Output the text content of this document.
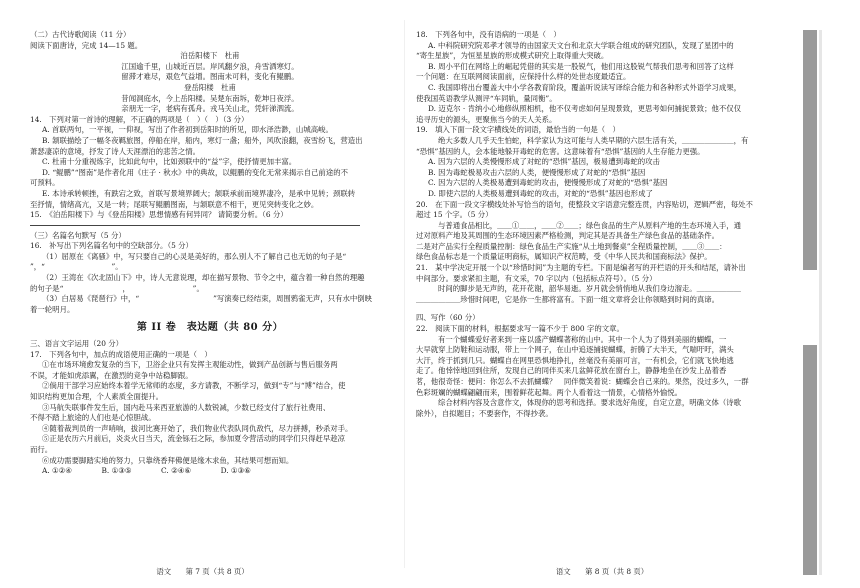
（二）古代诗歌阅读（11 分）

阅读下面唐诗，完成 14—15 题。

泊岳阳楼下　杜甫

江国逾千里，山城近百层。岸风翻夕浪，舟雪洒寒灯。

留滞才难尽，艰危气益增。图南未可料，变化有鲲鹏。

登岳阳楼　杜甫

昔闻洞庭水，今上岳阳楼。吴楚东南坼，乾坤日夜浮。

亲朋无一字，老病有孤舟。戎马关山北，凭轩涕泗流。

14.　下列对第一首诗的理解，不正确的两项是（　）（　）（3 分）

A. 首联两句，一平视，一仰视，写出了作者初到岳阳时的所见，即水泽浩渺，山城高峻。

B. 颔联描绘了一幅冬夜羁旅图，停船在岸，船内，寒灯一盏；船外，风吹浪翻，夜雪纷飞，营造出

萧瑟凄凉的意境，抒发了诗人天涯漂泊的悲苦之情。

C. 杜甫十分重视炼字，比如此句中，比如颈联中的“益”字，使抒情更加丰富。

D. “鲲鹏”“图南”是作者化用《庄子 · 秋水》中的典故，以鲲鹏的变化无常来揭示自己前途的不

可预料。

E. 本诗承转顿挫，有跌宕之致，首联写景境界阔大；颔联承前而境界凄冷，是承中见转；颈联转

至抒情，情绪高亢，又是一转；尾联写鲲鹏图南，与颔联意不相干，更见突转变化之妙。

15.　《泊岳阳楼下》与《登岳阳楼》思想情感有何异同？ 请简要分析。（6 分）

（三）名篇名句默写（5 分）

16.　补写出下列名篇名句中的空缺部分。（5 分）

（1）屈原在《离骚》中，写只要自己的心灵是美好的，那么别人不了解自己也无妨的句子是“

”，“　　　　　　　　　”。

（2）王湾在《次北固山下》中，诗人无意说理，却在描写景物、节令之中，蕴含着一种自然的理趣

的句子是“　　　　　　　　，　　　　　　　　　”。

（3）白居易《琵琶行》中，“　　　　　　　　　　”写演奏已经结束，周围鸦雀无声，只有水中倒映

着一轮明月。

第 II 卷　表达题（共 80 分）

三、语言文字运用（20 分）

17.　下列各句中，加点的成语使用正确的一项是（　）

①在市场环境愈发复杂的当下，卫浴企业只有发挥主观能动性，做到产品创新与售后服务两

不误，才能如虎添翼，在激烈的竞争中站稳脚跟。

②倘用干部学习应始终本着学无常师的态度，多方请教，不断学习，做到“专”与“博”结合，使

知识结构更加合理，个人素质全面提升。

③马航失联事件发生后，国内赴马来西亚旅游的人数锐减，少数已经支付了旅行社费用、

不得不踏上旅途的人们也是心惊胆战。

④随着裁判员的一声哨响，拔河比赛开始了，我们物业代表队同仇敌忾，尽力拼搏，秒杀对手。

⑤正是农历六月前后，炎炎火日当天，流金铄石之际，参加夏令营活动的同学们只得赶早趁凉

而行。

⑥成功需要脚踏实地的努力，只靠绕香拜佛便是缘木求鱼，其结果可想而知。

A. ①②④　　　　B. ①③⑤　　　　C. ②④⑥　　　　D. ①③⑥

语文 第 7 页（共 8 页）

18.　下列各句中，没有语病的一项是（　）

A. 中科院研究院邓孝才领导的由国家天文台和北京大学联合组成的研究团队，发现了星团中的

“寄生星族”，为恒星星族的形成模式研究上取得重大突破。

B. 周小平们在网络上的崛起凭借的其实是一股锐气，他们用这股锐气帮我们思考和回答了这样

一个问题：在互联网阅读面前，应保持什么样的处世态度最适宜。

C. 我国即将出台覆盖大中小学各教育阶段，覆盖听说读写译综合能力和各种形式外语学习成果，

使我国英语教学从测评“车同轨，量同衡”。

D. 迈克尔 · 肯纳小心地修纵照相机，他不仅考虑如何呈现景致，更思考如何捕捉景致；他不仅仅

追寻历史的源头，更聚焦当今的天人关系。

19.　填入下面一段文字横线处的词语，最恰当的一句是（　）

绝大多数人几乎天生怕蛇，科学家认为这可能与人类早期的六层生活有关，＿＿＿＿＿＿＿，有

“恐惧”基因的人，会本能地躲开毒蛇的危害。这意味着有“恐惧”基因的人生存能力更强。

A. 因为六层的人类慢慢形成了对蛇的“恐惧”基因，极易遭到毒蛇的攻击

B. 因为毒蛇极易攻击六层的人类，便慢慢形成了对蛇的“恐惧”基因

C. 因为六层的人类极易遭到毒蛇的攻击，便慢慢形成了对蛇的“恐惧”基因

D. 即使六层的人类极易遭到毒蛇的攻击，对蛇的“恐惧”基因也形成了

20.　在下面一段文字横线处补写恰当的语句，使整段文字语意完整连贯，内容贴切，逻辑严密，每处不

超过 15 个字。（5 分）

与普通食品相比，＿＿①＿＿，＿＿②＿＿；绿色食品的生产从原料产地的生态环境入手，通

过对原料产地及其周围的生态环境因素严格检测，判定其是否具备生产绿色食品的基础条件。

二是对产品实行全程质量控制：绿色食品生产实施“从土地到餐桌”全程质量控制，＿＿③＿＿：

绿色食品标志是一个质量证明商标，属知识产权范畴，受《中华人民共和国商标法》保护。

21.　某中学决定开展一个以“珍惜时间”为主题的专栏。下面是编者写的开栏语的开头和结尾，请补出

中间部分。要求紧扣主题，有文采，70 字以内（包括标点符号）。（5 分）

时间的脚步是无声的，花开花谢，韶华易逝。岁月就会悄悄地从我们身边溜走。＿＿＿＿＿＿

＿＿＿＿＿＿珍惜时间吧，它是你一生都将富有。下面一组文章将会让你领略到时间的真谛。

四、写作（60 分）

22.　阅读下面的材料，根据要求写一篇不少于 800 字的文章。

有一个蝴蝶爱好者来到一座以盛产蝴蝶著称的山中。其中一个人为了得到美丽的蝴蝶，一

大早就穿上防鞋和运动服，带上一个网子，在山中追逐捕捉蝴蝶，折腾了大半天，气喘吁吁，满头

大汗，终于抓到几只。蝴蝶自在网里恐惧地挣扎，丝毫没有美丽可言，一有机会，它们就飞快地逃

走了。他悻悻地回到住所，发现自己的同伴买来几盆鲜花放在窗台上，静静地坐在沙发上品着香

茗，他很奇怪：便问：你怎么不去抓蝴蝶？　同伴微笑着说：蝴蝶会自己来的。果然，没过多久，一群

色彩斑斓的蝴蝶翩翩而来，围着鲜花起舞。两个人看着这一情景，心情格外愉悦。

综合材料内容及含意作文，体现你的思考和选择。要求选好角度，自定立意，明确文体（诗歌

除外），自拟题目；不要套作，不得抄袭。

语文 第 8 页（共 8 页）
